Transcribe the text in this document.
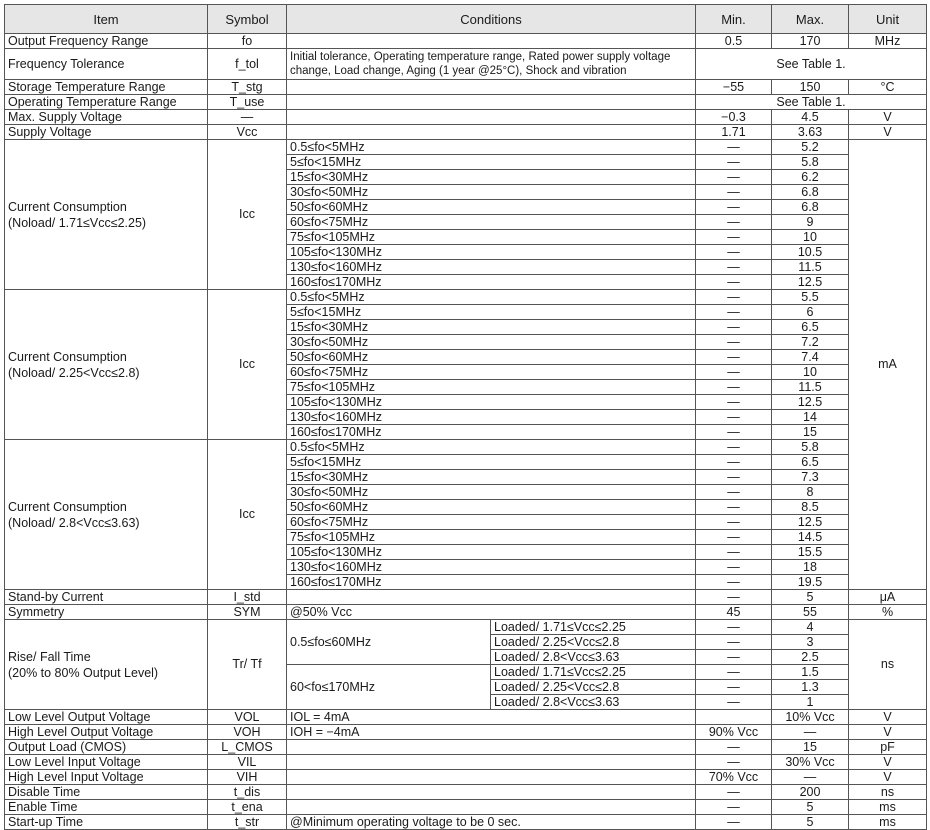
Item	Symbol	Conditions		Min.	Max.	Unit
Output Frequency Range	fo			0.5	170	MHz
Frequency Tolerance	f_tol	Initial tolerance, Operating temperature range, Rated power supply voltage change, Load change, Aging (1 year @25°C), Shock and vibration		See Table 1.		
Storage Temperature Range	T_stg			−55	150	°C
Operating Temperature Range	T_use			See Table 1.		
Max. Supply Voltage	—			−0.3	4.5	V
Supply Voltage	Vcc			1.71	3.63	V

Current Consumption
(Noload/ 1.71≤Vcc≤2.25)	Icc	0.5≤fo<5MHz		—	5.2	mA
		5≤fo<15MHz		—	5.8	
		15≤fo<30MHz		—	6.2	
		30≤fo<50MHz		—	6.8	
		50≤fo<60MHz		—	6.8	
		60≤fo<75MHz		—	9	
		75≤fo<105MHz		—	10	
		105≤fo<130MHz		—	10.5	
		130≤fo<160MHz		—	11.5	
		160≤fo≤170MHz		—	12.5	

Current Consumption
(Noload/ 2.25<Vcc≤2.8)	Icc	0.5≤fo<5MHz		—	5.5	
		5≤fo<15MHz		—	6	
		15≤fo<30MHz		—	6.5	
		30≤fo<50MHz		—	7.2	
		50≤fo<60MHz		—	7.4	
		60≤fo<75MHz		—	10	
		75≤fo<105MHz		—	11.5	
		105≤fo<130MHz		—	12.5	
		130≤fo<160MHz		—	14	
		160≤fo≤170MHz		—	15	

Current Consumption
(Noload/ 2.8<Vcc≤3.63)	Icc	0.5≤fo<5MHz		—	5.8	
		5≤fo<15MHz		—	6.5	
		15≤fo<30MHz		—	7.3	
		30≤fo<50MHz		—	8	
		50≤fo<60MHz		—	8.5	
		60≤fo<75MHz		—	12.5	
		75≤fo<105MHz		—	14.5	
		105≤fo<130MHz		—	15.5	
		130≤fo<160MHz		—	18	
		160≤fo≤170MHz		—	19.5	
Stand-by Current	I_std			—	5	μA
Symmetry	SYM	@50% Vcc		45	55	%

Rise/ Fall Time
(20% to 80% Output Level)	Tr/ Tf	0.5≤fo≤60MHz	Loaded/ 1.71≤Vcc≤2.25	—	4	ns
			Loaded/ 2.25<Vcc≤2.8	—	3	
			Loaded/ 2.8<Vcc≤3.63	—	2.5	
		60<fo≤170MHz	Loaded/ 1.71≤Vcc≤2.25	—	1.5	
			Loaded/ 2.25<Vcc≤2.8	—	1.3	
			Loaded/ 2.8<Vcc≤3.63	—	1	
Low Level Output Voltage	VOL	IOL = 4mA			10% Vcc	V
High Level Output Voltage	VOH	IOH = −4mA		90% Vcc	—	V
Output Load (CMOS)	L_CMOS			—	15	pF
Low Level Input Voltage	VIL			—	30% Vcc	V
High Level Input Voltage	VIH			70% Vcc	—	V
Disable Time	t_dis			—	200	ns
Enable Time	t_ena			—	5	ms
Start-up Time	t_str	@Minimum operating voltage to be 0 sec.		—	5	ms
